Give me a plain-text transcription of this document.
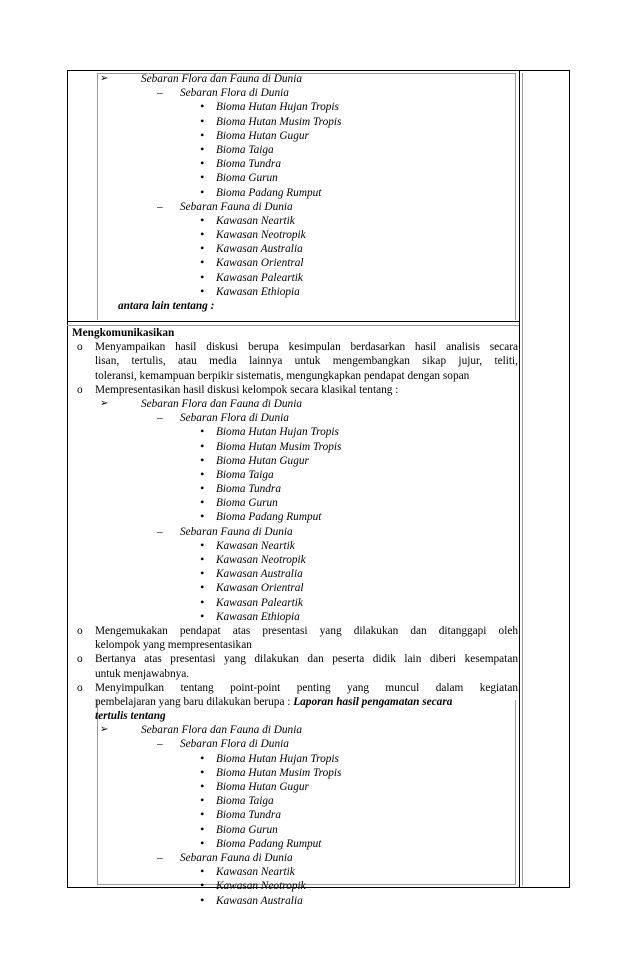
➢	Sebaran Flora dan Fauna di Dunia
– Sebaran Flora di Dunia
• Bioma Hutan Hujan Tropis
• Bioma Hutan Musim Tropis
• Bioma Hutan Gugur
• Bioma Taiga
• Bioma Tundra
• Bioma Gurun
• Bioma Padang Rumput
– Sebaran Fauna di Dunia
• Kawasan Neartik
• Kawasan Neotropik
• Kawasan Australia
• Kawasan Orientral
• Kawasan Paleartik
• Kawasan Ethiopia
antara lain tentang :
Mengkomunikasikan
o	Menyampaikan hasil diskusi berupa kesimpulan berdasarkan hasil analisis secara
lisan, tertulis, atau media lainnya untuk mengembangkan sikap jujur, teliti,
toleransi, kemampuan berpikir sistematis, mengungkapkan pendapat dengan sopan
o	Mempresentasikan hasil diskusi kelompok secara klasikal tentang :
➢	Sebaran Flora dan Fauna di Dunia
– Sebaran Flora di Dunia
• Bioma Hutan Hujan Tropis
• Bioma Hutan Musim Tropis
• Bioma Hutan Gugur
• Bioma Taiga
• Bioma Tundra
• Bioma Gurun
• Bioma Padang Rumput
– Sebaran Fauna di Dunia
• Kawasan Neartik
• Kawasan Neotropik
• Kawasan Australia
• Kawasan Orientral
• Kawasan Paleartik
• Kawasan Ethiopia
o	Mengemukakan pendapat atas presentasi yang dilakukan dan ditanggapi oleh
kelompok yang mempresentasikan
o	Bertanya atas presentasi yang dilakukan dan peserta didik lain diberi kesempatan
untuk menjawabnya.
o	Menyimpulkan tentang point-point penting yang muncul dalam kegiatan
pembelajaran yang baru dilakukan berupa : Laporan hasil pengamatan secara
tertulis tentang
➢	Sebaran Flora dan Fauna di Dunia
– Sebaran Flora di Dunia
• Bioma Hutan Hujan Tropis
• Bioma Hutan Musim Tropis
• Bioma Hutan Gugur
• Bioma Taiga
• Bioma Tundra
• Bioma Gurun
• Bioma Padang Rumput
– Sebaran Fauna di Dunia
• Kawasan Neartik
• Kawasan Neotropik
• Kawasan Australia
